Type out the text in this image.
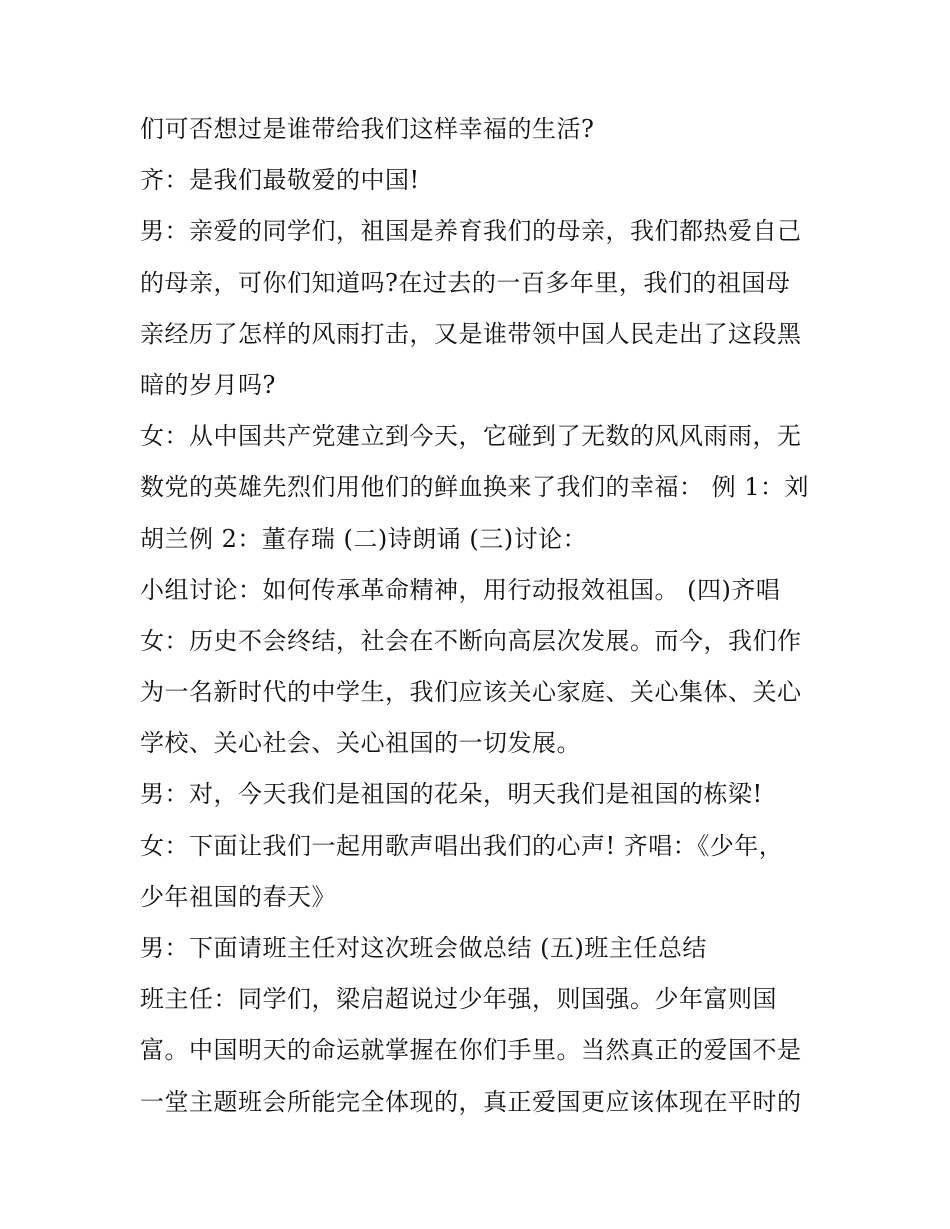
们可否想过是谁带给我们这样幸福的生活?
齐：是我们最敬爱的中国!
男：亲爱的同学们，祖国是养育我们的母亲，我们都热爱自己
的母亲，可你们知道吗?在过去的一百多年里，我们的祖国母
亲经历了怎样的风雨打击，又是谁带领中国人民走出了这段黑
暗的岁月吗?
女：从中国共产党建立到今天，它碰到了无数的风风雨雨，无
数党的英雄先烈们用他们的鲜血换来了我们的幸福： 例 1：刘
胡兰例 2：董存瑞 (二)诗朗诵 (三)讨论：
小组讨论：如何传承革命精神，用行动报效祖国。 (四)齐唱
女：历史不会终结，社会在不断向高层次发展。而今，我们作
为一名新时代的中学生，我们应该关心家庭、关心集体、关心
学校、关心社会、关心祖国的一切发展。
男：对，今天我们是祖国的花朵，明天我们是祖国的栋梁!
女：下面让我们一起用歌声唱出我们的心声! 齐唱：《少年，
少年祖国的春天》
男：下面请班主任对这次班会做总结 (五)班主任总结
班主任：同学们，梁启超说过少年强，则国强。少年富则国
富。中国明天的命运就掌握在你们手里。当然真正的爱国不是
一堂主题班会所能完全体现的，真正爱国更应该体现在平时的
